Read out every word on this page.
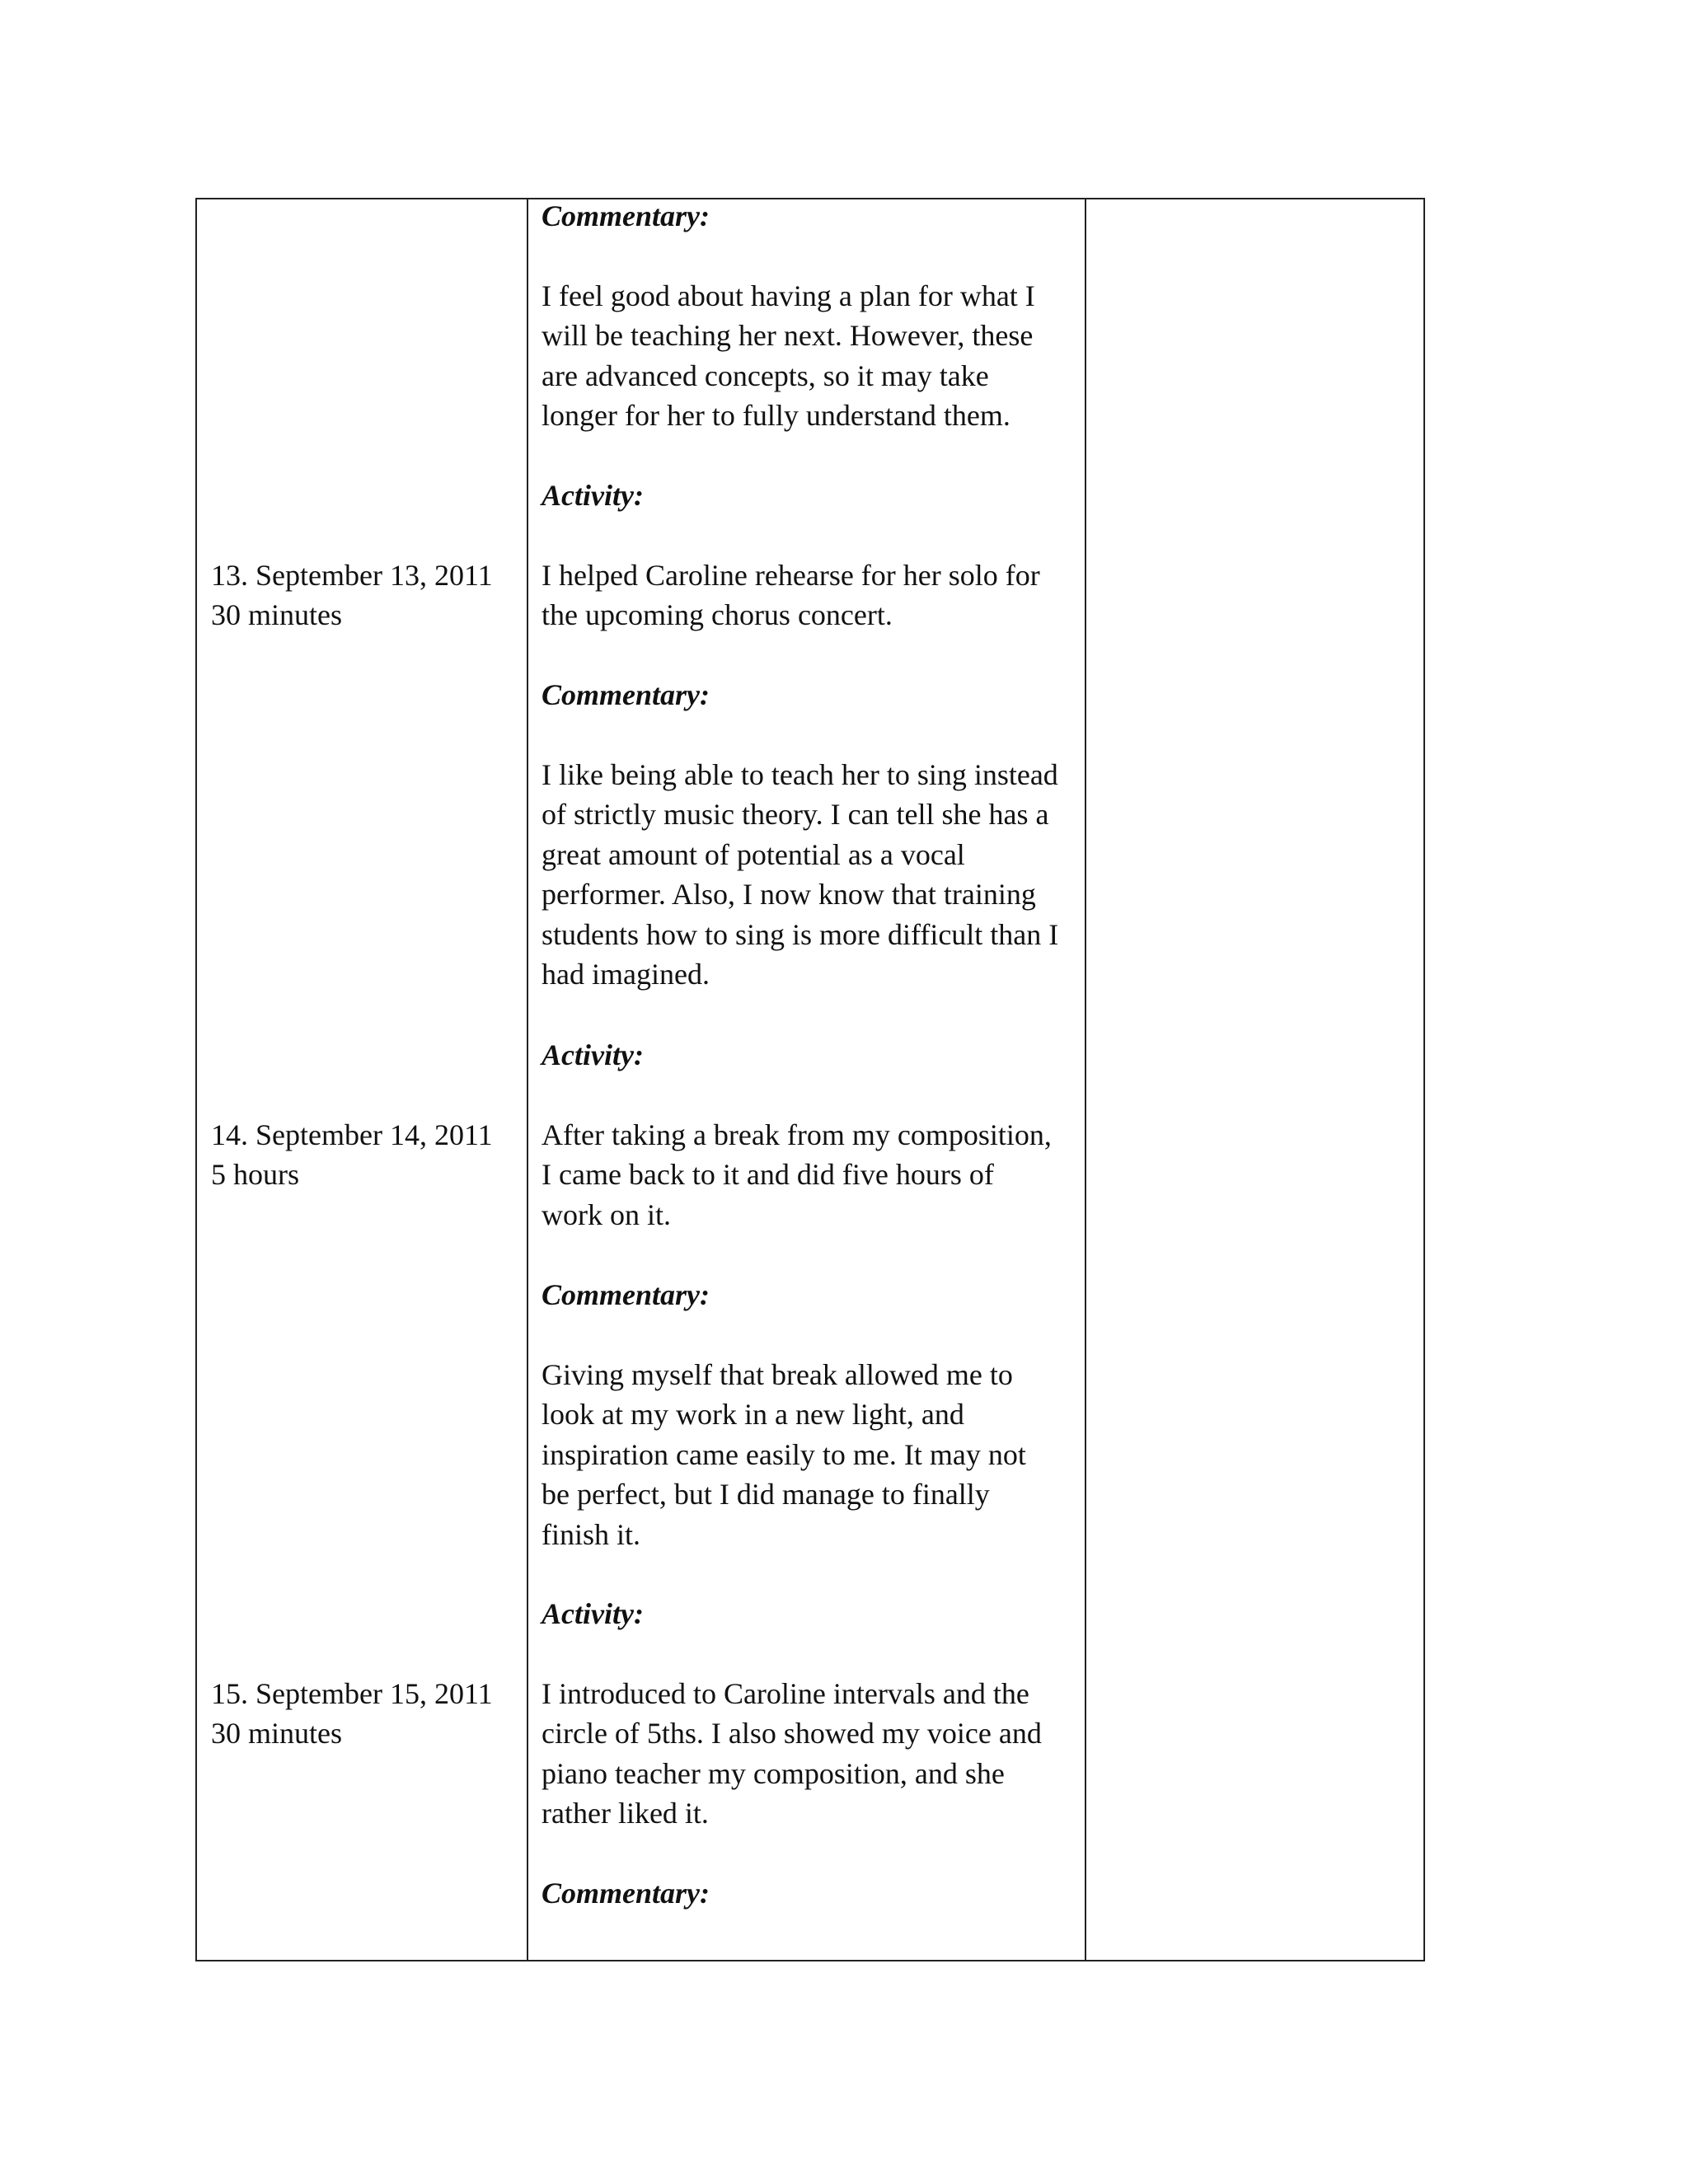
13. September 13, 2011

30 minutes

14. September 14, 2011

5 hours

15. September 15, 2011

30 minutes

Commentary:

I feel good about having a plan for what I

will be teaching her next. However, these

are advanced concepts, so it may take

longer for her to fully understand them.

Activity:

I helped Caroline rehearse for her solo for

the upcoming chorus concert.

Commentary:

I like being able to teach her to sing instead

of strictly music theory. I can tell she has a

great amount of potential as a vocal

performer. Also, I now know that training

students how to sing is more difficult than I

had imagined.

Activity:

After taking a break from my composition,

I came back to it and did five hours of

work on it.

Commentary:

Giving myself that break allowed me to

look at my work in a new light, and

inspiration came easily to me. It may not

be perfect, but I did manage to finally

finish it.

Activity:

I introduced to Caroline intervals and the

circle of 5ths. I also showed my voice and

piano teacher my composition, and she

rather liked it.

Commentary:
